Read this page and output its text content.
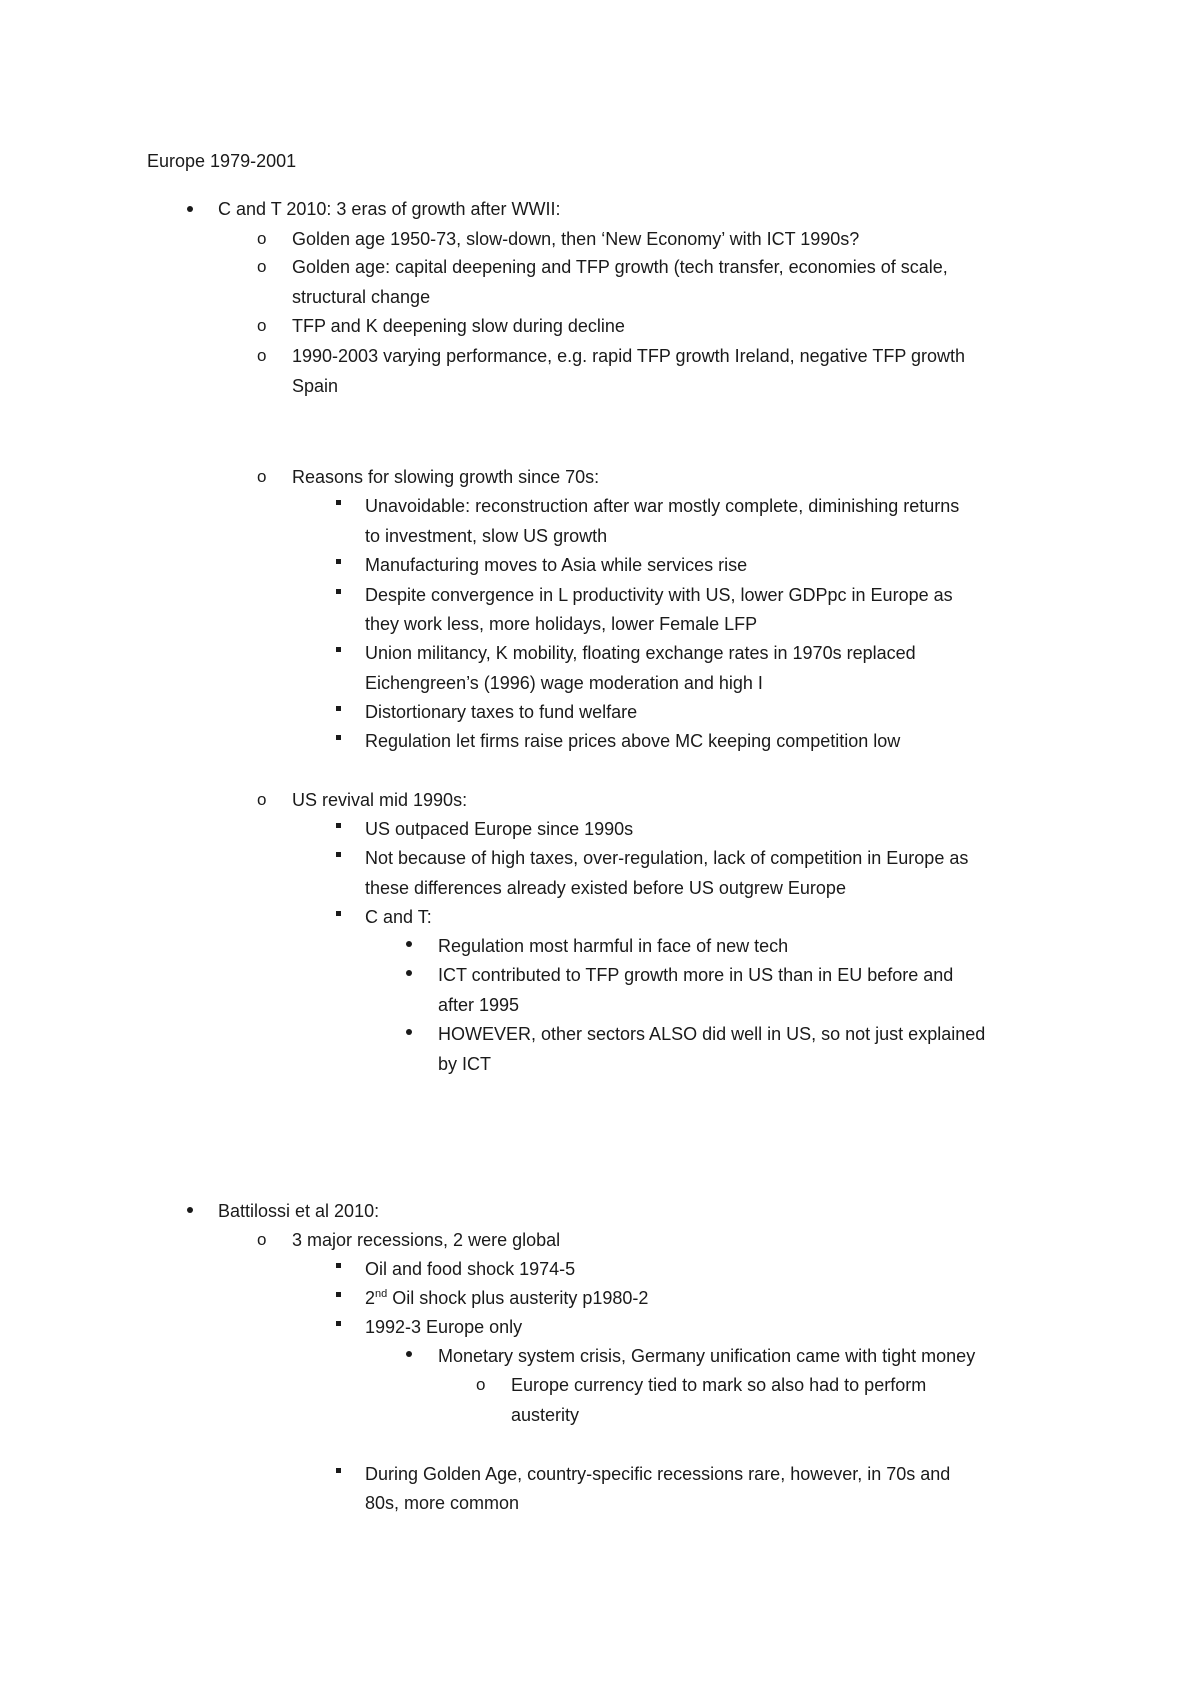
Europe 1979-2001
C and T 2010: 3 eras of growth after WWII:
o Golden age 1950-73, slow-down, then ‘New Economy’ with ICT 1990s?
o Golden age: capital deepening and TFP growth (tech transfer, economies of scale,
structural change
o TFP and K deepening slow during decline
o 1990-2003 varying performance, e.g. rapid TFP growth Ireland, negative TFP growth
Spain
o Reasons for slowing growth since 70s:
Unavoidable: reconstruction after war mostly complete, diminishing returns
to investment, slow US growth
Manufacturing moves to Asia while services rise
Despite convergence in L productivity with US, lower GDPpc in Europe as
they work less, more holidays, lower Female LFP
Union militancy, K mobility, floating exchange rates in 1970s replaced
Eichengreen’s (1996) wage moderation and high I
Distortionary taxes to fund welfare
Regulation let firms raise prices above MC keeping competition low
o US revival mid 1990s:
US outpaced Europe since 1990s
Not because of high taxes, over-regulation, lack of competition in Europe as
these differences already existed before US outgrew Europe
C and T:
Regulation most harmful in face of new tech
ICT contributed to TFP growth more in US than in EU before and
after 1995
HOWEVER, other sectors ALSO did well in US, so not just explained
by ICT
Battilossi et al 2010:
o 3 major recessions, 2 were global
Oil and food shock 1974-5
2nd Oil shock plus austerity p1980-2
1992-3 Europe only
Monetary system crisis, Germany unification came with tight money
o Europe currency tied to mark so also had to perform
austerity
During Golden Age, country-specific recessions rare, however, in 70s and
80s, more common
